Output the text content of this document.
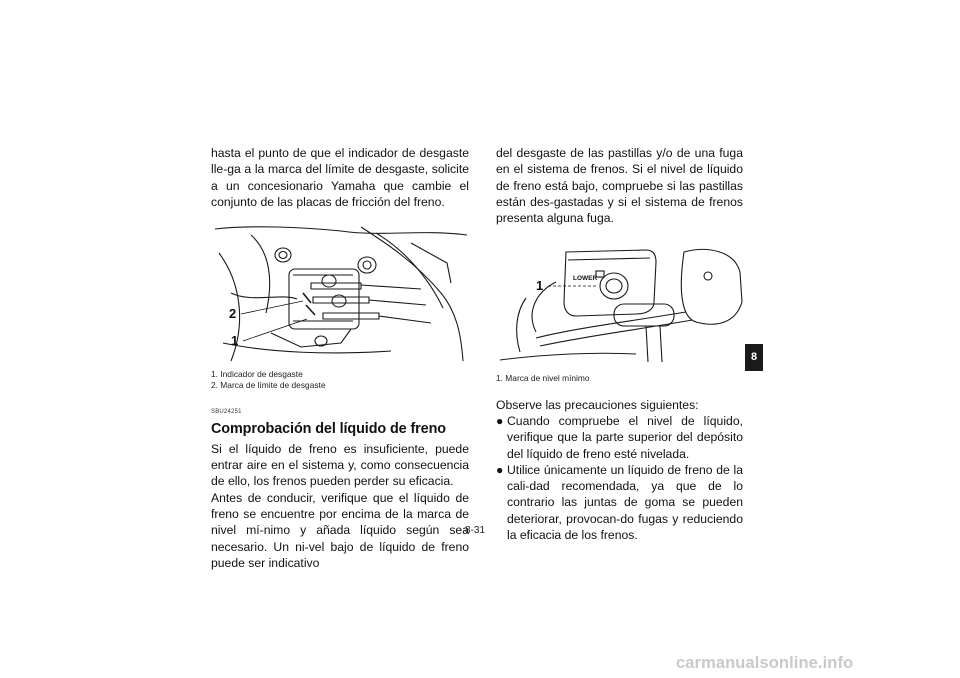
hasta el punto de que el indicador de desgaste lle-ga a la marca del límite de desgaste, solicite a un concesionario Yamaha que cambie el conjunto de las placas de fricción del freno.

2
1
1. Indicador de desgaste
2. Marca de límite de desgaste
SBU24251
Comprobación del líquido de freno

Si el líquido de freno es insuficiente, puede entrar aire en el sistema y, como consecuencia de ello, los frenos pueden perder su eficacia.

Antes de conducir, verifique que el líquido de freno se encuentre por encima de la marca de nivel mí-nimo y añada líquido según sea necesario. Un ni-vel bajo de líquido de freno puede ser indicativo

del desgaste de las pastillas y/o de una fuga en el sistema de frenos. Si el nivel de líquido de freno está bajo, compruebe si las pastillas están des-gastadas y si el sistema de frenos presenta alguna fuga.

1	LOWER
1. Marca de nivel mínimo

Observe las precauciones siguientes:

● Cuando compruebe el nivel de líquido, verifique que la parte superior del depósito del líquido de freno esté nivelada.

● Utilice únicamente un líquido de freno de la cali-dad recomendada, ya que de lo contrario las juntas de goma se pueden deteriorar, provocan-do fugas y reduciendo la eficacia de los frenos.

8
8-31
carmanualsonline.info
